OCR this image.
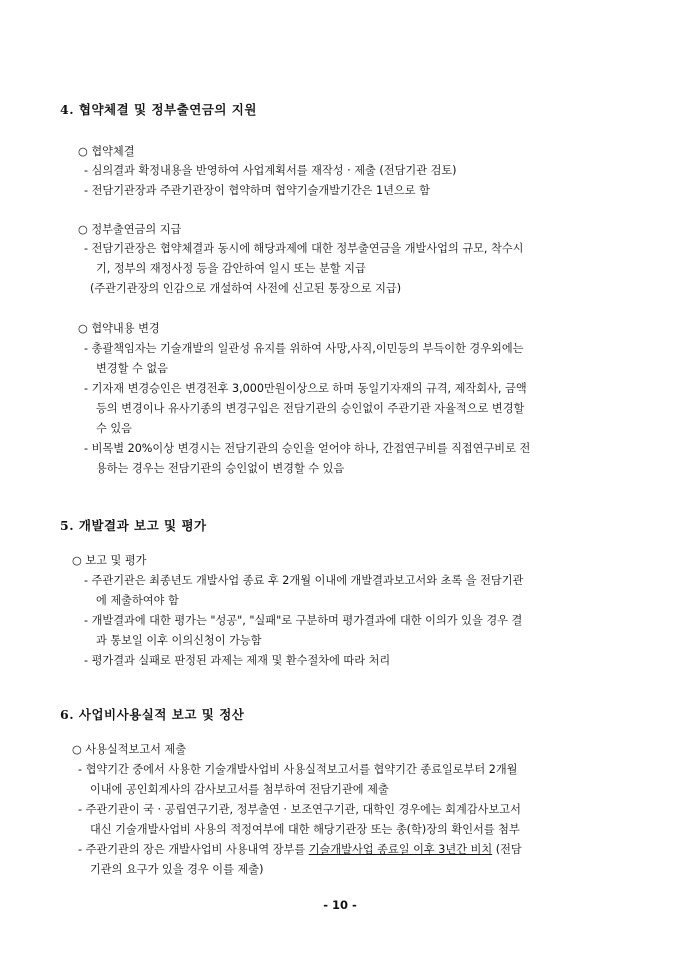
4. 협약체결 및 정부출연금의 지원
○ 협약체결
- 심의결과 확정내용을 반영하여 사업계획서를 재작성 · 제출 (전담기관 검토)
- 전담기관장과 주관기관장이 협약하며 협약기술개발기간은 1년으로 함
○ 정부출연금의 지급
- 전담기관장은 협약체결과 동시에 해당과제에 대한 정부출연금을 개발사업의 규모, 착수시
기, 정부의 재정사정 등을 감안하여 일시 또는 분할 지급
(주관기관장의 인감으로 개설하여 사전에 신고된 통장으로 지급)
○ 협약내용 변경
- 총괄책임자는 기술개발의 일관성 유지를 위하여 사망,사직,이민등의 부득이한 경우외에는
변경할 수 없음
- 기자재 변경승인은 변경전후 3,000만원이상으로 하며 동일기자재의 규격, 제작회사, 금액
등의 변경이나 유사기종의 변경구입은 전담기관의 승인없이 주관기관 자율적으로 변경할
수 있음
- 비목별 20%이상 변경시는 전담기관의 승인을 얻어야 하나, 간접연구비를 직접연구비로 전
용하는 경우는 전담기관의 승인없이 변경할 수 있음
5. 개발결과 보고 및 평가
○ 보고 및 평가
- 주관기관은 최종년도 개발사업 종료 후 2개월 이내에 개발결과보고서와 초록 을 전담기관
에 제출하여야 함
- 개발결과에 대한 평가는 "성공", "실패"로 구분하며 평가결과에 대한 이의가 있을 경우 결
과 통보일 이후 이의신청이 가능함
- 평가결과 실패로 판정된 과제는 제재 및 환수절차에 따라 처리
6. 사업비사용실적 보고 및 정산
○ 사용실적보고서 제출
- 협약기간 중에서 사용한 기술개발사업비 사용실적보고서를 협약기간 종료일로부터 2개월
이내에 공인회계사의 감사보고서를 첨부하여 전담기관에 제출
- 주관기관이 국 · 공립연구기관, 정부출연 · 보조연구기관, 대학인 경우에는 회계감사보고서
대신 기술개발사업비 사용의 적정여부에 대한 해당기관장 또는 총(학)장의 확인서를 첨부
- 주관기관의 장은 개발사업비 사용내역 장부를 기술개발사업 종료일 이후 3년간 비치 (전담
기관의 요구가 있을 경우 이를 제출)
- 10 -
